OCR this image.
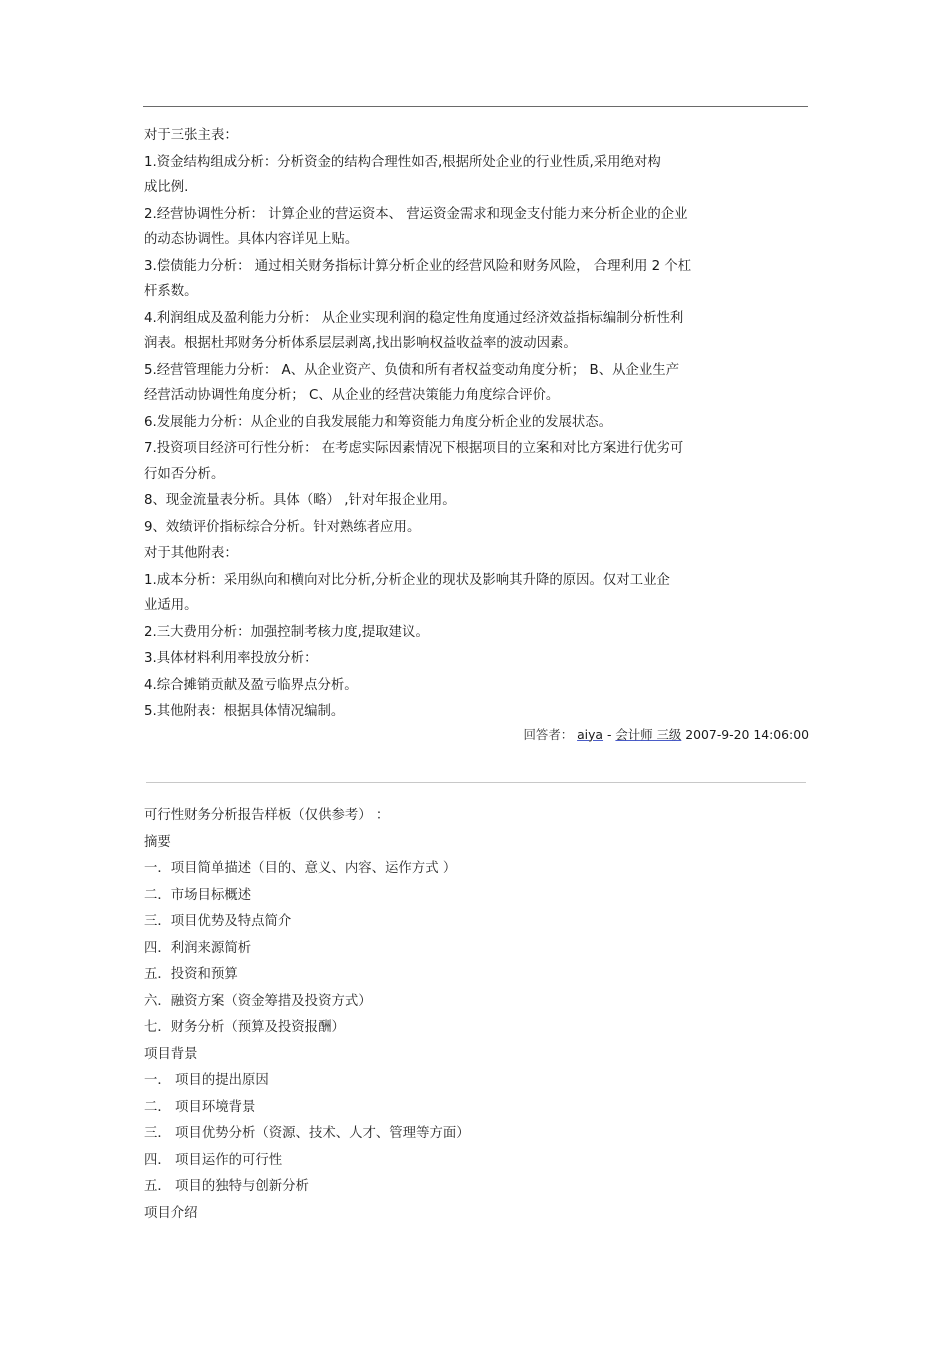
对于三张主表：
1.资金结构组成分析：分析资金的结构合理性如否,根据所处企业的行业性质,采用绝对构
成比例.
2.经营协调性分析： 计算企业的营运资本、 营运资金需求和现金支付能力来分析企业的企业
的动态协调性。具体内容详见上贴。
3.偿债能力分析： 通过相关财务指标计算分析企业的经营风险和财务风险， 合理利用 2 个杠
杆系数。
4.利润组成及盈利能力分析： 从企业实现利润的稳定性角度通过经济效益指标编制分析性利
润表。根据杜邦财务分析体系层层剥离,找出影响权益收益率的波动因素。
5.经营管理能力分析： A、从企业资产、负债和所有者权益变动角度分析； B、从企业生产
经营活动协调性角度分析； C、从企业的经营决策能力角度综合评价。
6.发展能力分析：从企业的自我发展能力和筹资能力角度分析企业的发展状态。
7.投资项目经济可行性分析： 在考虑实际因素情况下根据项目的立案和对比方案进行优劣可
行如否分析。
8、现金流量表分析。具体（略） ,针对年报企业用。
9、效绩评价指标综合分析。针对熟练者应用。
对于其他附表：
1.成本分析：采用纵向和横向对比分析,分析企业的现状及影响其升降的原因。仅对工业企
业适用。
2.三大费用分析：加强控制考核力度,提取建议。
3.具体材料利用率投放分析：
4.综合摊销贡献及盈亏临界点分析。
5.其他附表：根据具体情况编制。
回答者： aiya - 会计师 三级 2007-9-20 14:06:00
可行性财务分析报告样板（仅供参考） ：
摘要
一．项目简单描述（目的、意义、内容、运作方式 ）
二．市场目标概述
三．项目优势及特点简介
四．利润来源简析
五．投资和预算
六．融资方案（资金筹措及投资方式）
七．财务分析（预算及投资报酬）
项目背景
一． 项目的提出原因
二． 项目环境背景
三． 项目优势分析（资源、技术、人才、管理等方面）
四． 项目运作的可行性
五． 项目的独特与创新分析
项目介绍
